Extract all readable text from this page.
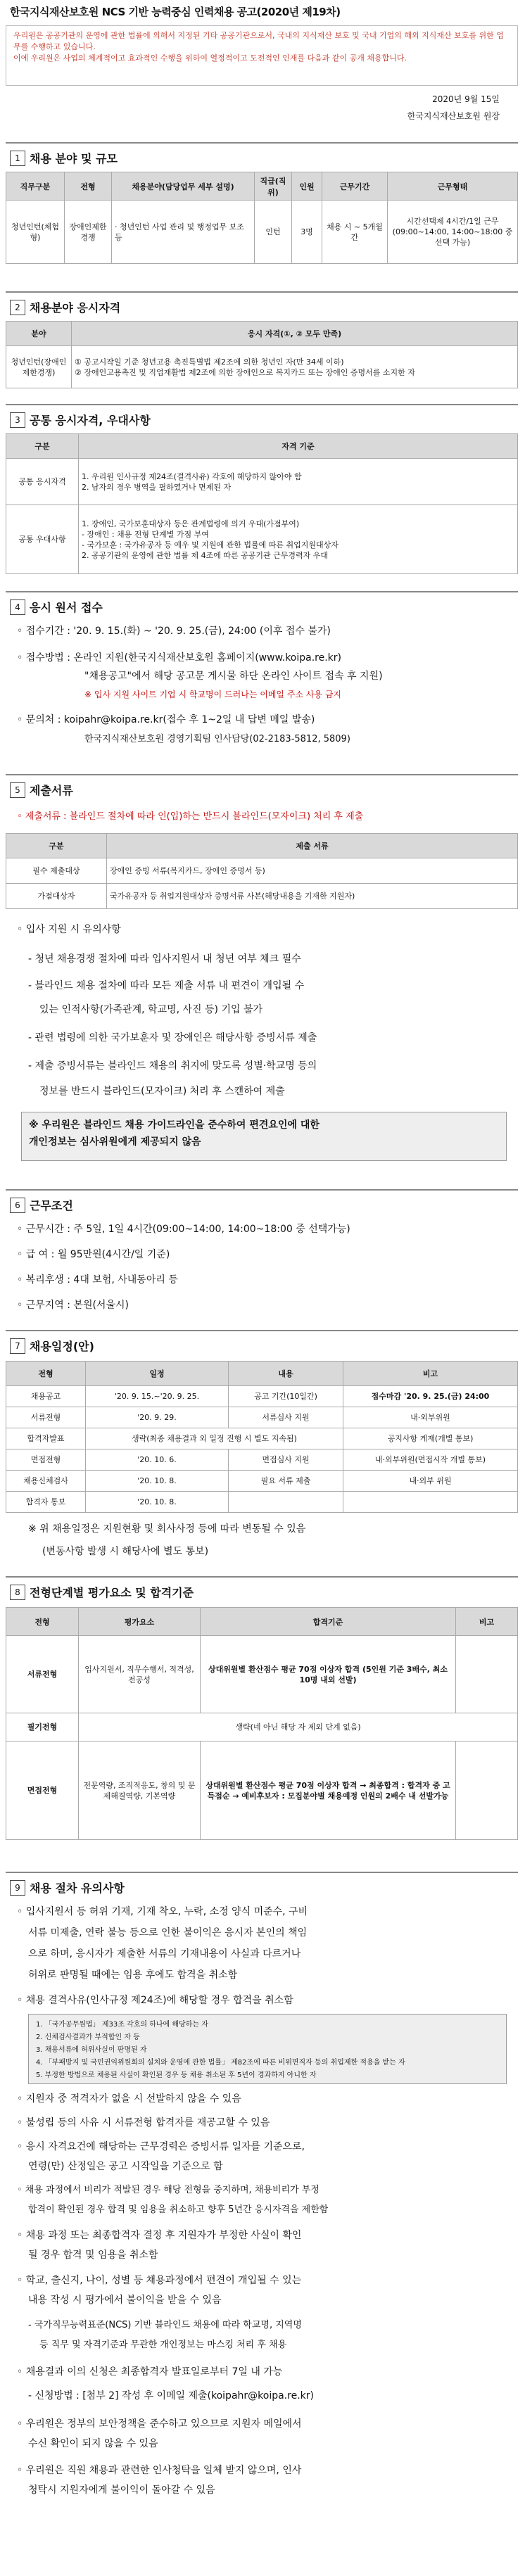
한국지식재산보호원 NCS 기반 능력중심 인력채용 공고(2020년 제19차)
우리원은 공공기관의 운영에 관한 법률에 의해서 지정된 기타 공공기관으로서, 국내의 지식재산 보호 및 국내 기업의 해외 지식재산 보호를 위한 업무를 수행하고 있습니다.
이에 우리원은 사업의 체계적이고 효과적인 수행을 위하여 열정적이고 도전적인 인재를 다음과 같이 공개 채용합니다.
2020년 9월 15일
한국지식재산보호원 원장
1 채용 분야 및 규모
직무구분	전형	채용분야(담당업무 세부 설명)	직급(직위)	인원	근무기간	근무형태
청년인턴(체험형)	장애인제한경쟁	· 청년인턴 사업 관리 및 행정업무 보조 등	인턴	3명	채용 시 ~ 5개월 간	시간선택제 4시간/1일 근무(09:00~14:00, 14:00~18:00 중 선택 가능)
2 채용분야 응시자격
분야	응시 자격(①, ② 모두 만족)
청년인턴(장애인제한경쟁)	① 공고시작일 기준 청년고용 촉진특별법 제2조에 의한 청년인 자(만 34세 이하)
② 장애인고용촉진 및 직업재활법 제2조에 의한 장애인으로 복지카드 또는 장애인 증명서를 소지한 자
3 공통 응시자격, 우대사항
구분	자격 기준
공통 응시자격	1. 우리원 인사규정 제24조(결격사유) 각호에 해당하지 않아야 함
2. 남자의 경우 병역을 필하였거나 면제된 자

공통 우대사항	1. 장애인, 국가보훈대상자 등은 관계법령에 의거 우대(가점부여)
- 장애인 : 채용 전형 단계별 가점 부여
- 국가보훈 : 국가유공자 등 예우 및 지원에 관한 법률에 따른 취업지원대상자
2. 공공기관의 운영에 관한 법률 제 4조에 따른 공공기관 근무경력자 우대
4 응시 원서 접수
◦ 접수기간 : '20. 9. 15.(화) ~ '20. 9. 25.(금), 24:00 (이후 접수 불가)
◦ 접수방법 : 온라인 지원(한국지식재산보호원 홈페이지(www.koipa.re.kr)
"채용공고"에서 해당 공고문 게시물 하단 온라인 사이트 접속 후 지원)
※ 입사 지원 사이트 기업 시 학교명이 드러나는 이메일 주소 사용 금지
◦ 문의처 : koipahr@koipa.re.kr(접수 후 1~2일 내 답변 메일 발송)
한국지식재산보호원 경영기획팀 인사담당(02-2183-5812, 5809)
5 제출서류
◦ 제출서류 : 블라인드 절차에 따라 인(입)하는 반드시 블라인드(모자이크) 처리 후 제출
구분	제출 서류
필수 제출대상	장애인 증빙 서류(복지카드, 장애인 증명서 등)
가점대상자	국가유공자 등 취업지원대상자 증명서류 사본(해당내용을 기재한 지원자)
◦ 입사 지원 시 유의사항
- 청년 채용경쟁 절차에 따라 입사지원서 내 청년 여부 체크 필수
- 블라인드 채용 절차에 따라 모든 제출 서류 내 편견이 개입될 수
있는 인적사항(가족관계, 학교명, 사진 등) 기입 불가
- 관련 법령에 의한 국가보훈자 및 장애인은 해당사항 증빙서류 제출
- 제출 증빙서류는 블라인드 채용의 취지에 맞도록 성별·학교명 등의
정보를 반드시 블라인드(모자이크) 처리 후 스캔하여 제출
※ 우리원은 블라인드 채용 가이드라인을 준수하여 편견요인에 대한
개인정보는 심사위원에게 제공되지 않음
6 근무조건
◦ 근무시간 : 주 5일, 1일 4시간(09:00~14:00, 14:00~18:00 중 선택가능)
◦ 급 여 : 월 95만원(4시간/일 기준)
◦ 복리후생 : 4대 보험, 사내동아리 등
◦ 근무지역 : 본원(서울시)
7 채용일정(안)
전형	일정	내용	비고
채용공고	'20. 9. 15.~'20. 9. 25.	공고 기간(10일간)	접수마감 '20. 9. 25.(금) 24:00
서류전형	'20. 9. 29.	서류심사 지원	내·외부위원
합격자발표	생략(최종 채용결과 외 일정 진행 시 별도 지속됨)		공지사항 게재(개별 통보)
면접전형	'20. 10. 6.	면접심사 지원	내·외부위원(면접시작 개별 통보)
채용신체검사	'20. 10. 8.	필요 서류 제출	내·외부 위원
합격자 통보	'20. 10. 8.		
※ 위 채용일정은 지원현황 및 회사사정 등에 따라 변동될 수 있음
(변동사항 발생 시 해당사에 별도 통보)
8 전형단계별 평가요소 및 합격기준
전형	평가요소	합격기준	비고
서류전형	입사지원서, 직무수행서, 적격성, 전공성	상대위원별 환산점수 평균 70점 이상자 합격 (5인원 기준 3배수, 최소 10명 내외 선발)	
필기전형	생략(네 아닌 해당 자 제외 단계 없음)		
면접전형	전문역량, 조직적응도, 창의 및 문제해결역량, 기본역량	상대위원별 환산점수 평균 70점 이상자 합격 → 최종합격 : 합격자 중 고득점순 → 예비후보자 : 모집분야별 채용예정 인원의 2배수 내 선발가능	
9 채용 절차 유의사항
◦ 입사지원서 등 허위 기재, 기재 착오, 누락, 소정 양식 미준수, 구비
서류 미제출, 연락 불능 등으로 인한 불이익은 응시자 본인의 책임
으로 하며, 응시자가 제출한 서류의 기재내용이 사실과 다르거나
허위로 판명될 때에는 임용 후에도 합격을 취소함
◦ 채용 결격사유(인사규정 제24조)에 해당할 경우 합격을 취소함
1. 「국가공무원법」 제33조 각호의 하나에 해당하는 자
2. 신체검사결과가 부적합인 자 등
3. 채용서류에 허위사실이 판명된 자
4. 「부패방지 및 국민권익위원회의 설치와 운영에 관한 법률」 제82조에 따른 비위면직자 등의 취업제한 적용을 받는 자
5. 부정한 방법으로 채용된 사실이 확인된 경우 등 채용 취소된 후 5년이 경과하지 아니한 자
◦ 지원자 중 적격자가 없을 시 선발하지 않을 수 있음
◦ 불성립 등의 사유 시 서류전형 합격자를 재공고할 수 있음
◦ 응시 자격요건에 해당하는 근무경력은 증빙서류 일자를 기준으로,
연령(만) 산정일은 공고 시작일을 기준으로 함
◦ 채용 과정에서 비리가 적발된 경우 해당 전형을 중지하며, 채용비리가 부정
합격이 확인된 경우 합격 및 임용을 취소하고 향후 5년간 응시자격을 제한함
◦ 채용 과정 또는 최종합격자 결정 후 지원자가 부정한 사실이 확인
될 경우 합격 및 임용을 취소함
◦ 학교, 출신지, 나이, 성별 등 채용과정에서 편견이 개입될 수 있는
내용 작성 시 평가에서 불이익을 받을 수 있음
- 국가직무능력표준(NCS) 기반 블라인드 채용에 따라 학교명, 지역명
등 직무 및 자격기준과 무관한 개인정보는 마스킹 처리 후 채용
◦ 채용결과 이의 신청은 최종합격자 발표일로부터 7일 내 가능
- 신청방법 : [첨부 2] 작성 후 이메일 제출(koipahr@koipa.re.kr)
◦ 우리원은 정부의 보안정책을 준수하고 있으므로 지원자 메일에서
수신 확인이 되지 않을 수 있음
◦ 우리원은 직원 채용과 관련한 인사청탁을 일체 받지 않으며, 인사
청탁시 지원자에게 불이익이 돌아갈 수 있음
